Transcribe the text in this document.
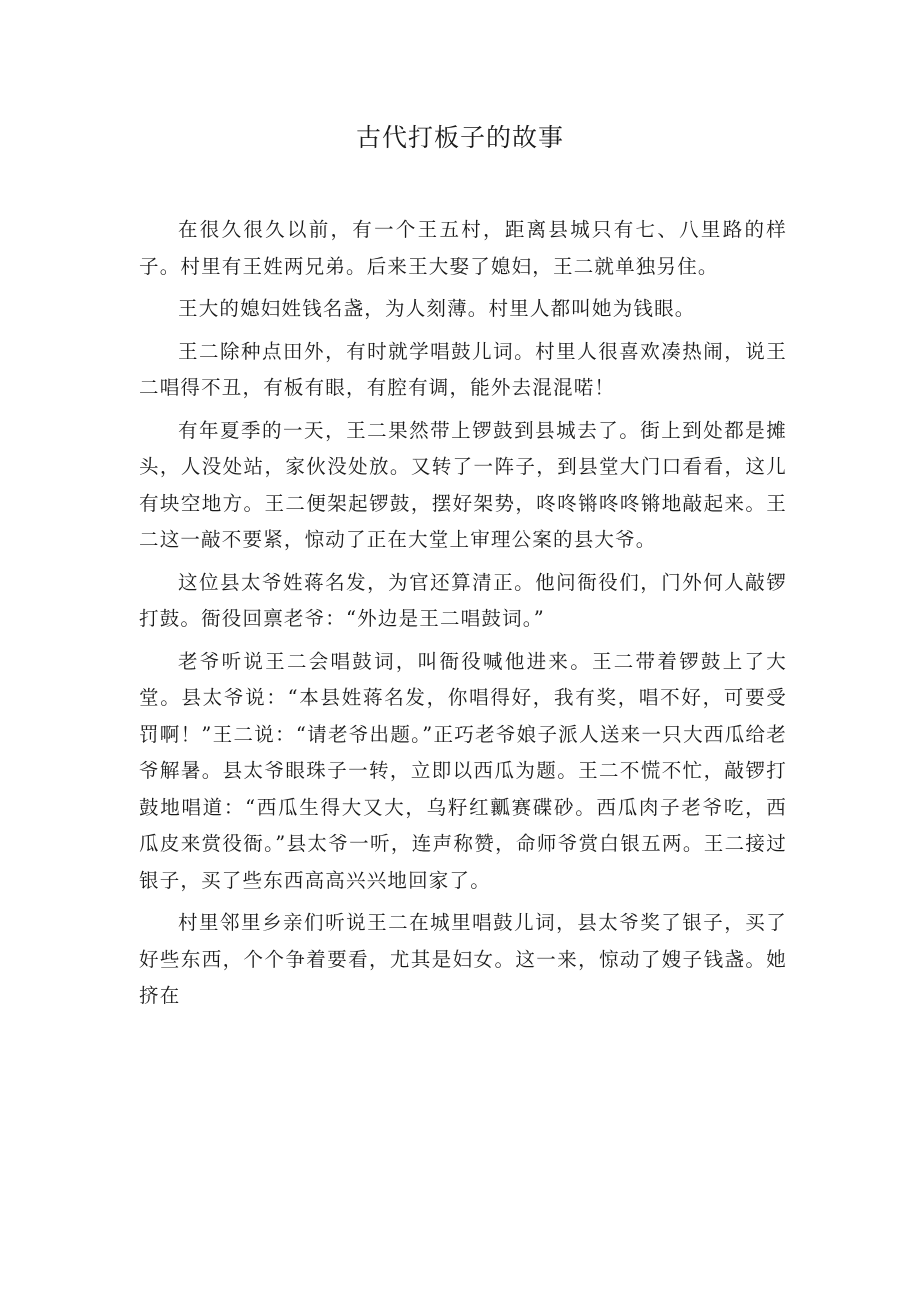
古代打板子的故事

在很久很久以前，有一个王五村，距离县城只有七、八里路的样子。村里有王姓两兄弟。后来王大娶了媳妇，王二就单独另住。

王大的媳妇姓钱名盏，为人刻薄。村里人都叫她为钱眼。

王二除种点田外，有时就学唱鼓儿词。村里人很喜欢凑热闹，说王二唱得不丑，有板有眼，有腔有调，能外去混混喏！

有年夏季的一天，王二果然带上锣鼓到县城去了。街上到处都是摊头，人没处站，家伙没处放。又转了一阵子，到县堂大门口看看，这儿有块空地方。王二便架起锣鼓，摆好架势，咚咚锵咚咚锵地敲起来。王二这一敲不要紧，惊动了正在大堂上审理公案的县大爷。

这位县太爷姓蒋名发，为官还算清正。他问衙役们，门外何人敲锣打鼓。衙役回禀老爷：“外边是王二唱鼓词。”

老爷听说王二会唱鼓词，叫衙役喊他进来。王二带着锣鼓上了大堂。县太爷说：“本县姓蒋名发，你唱得好，我有奖，唱不好，可要受罚啊！”王二说：“请老爷出题。”正巧老爷娘子派人送来一只大西瓜给老爷解暑。县太爷眼珠子一转，立即以西瓜为题。王二不慌不忙，敲锣打鼓地唱道：“西瓜生得大又大，乌籽红瓤赛碟砂。西瓜肉子老爷吃，西瓜皮来赏役衙。”县太爷一听，连声称赞，命师爷赏白银五两。王二接过银子，买了些东西高高兴兴地回家了。

村里邻里乡亲们听说王二在城里唱鼓儿词，县太爷奖了银子，买了好些东西，个个争着要看，尤其是妇女。这一来，惊动了嫂子钱盏。她挤在
